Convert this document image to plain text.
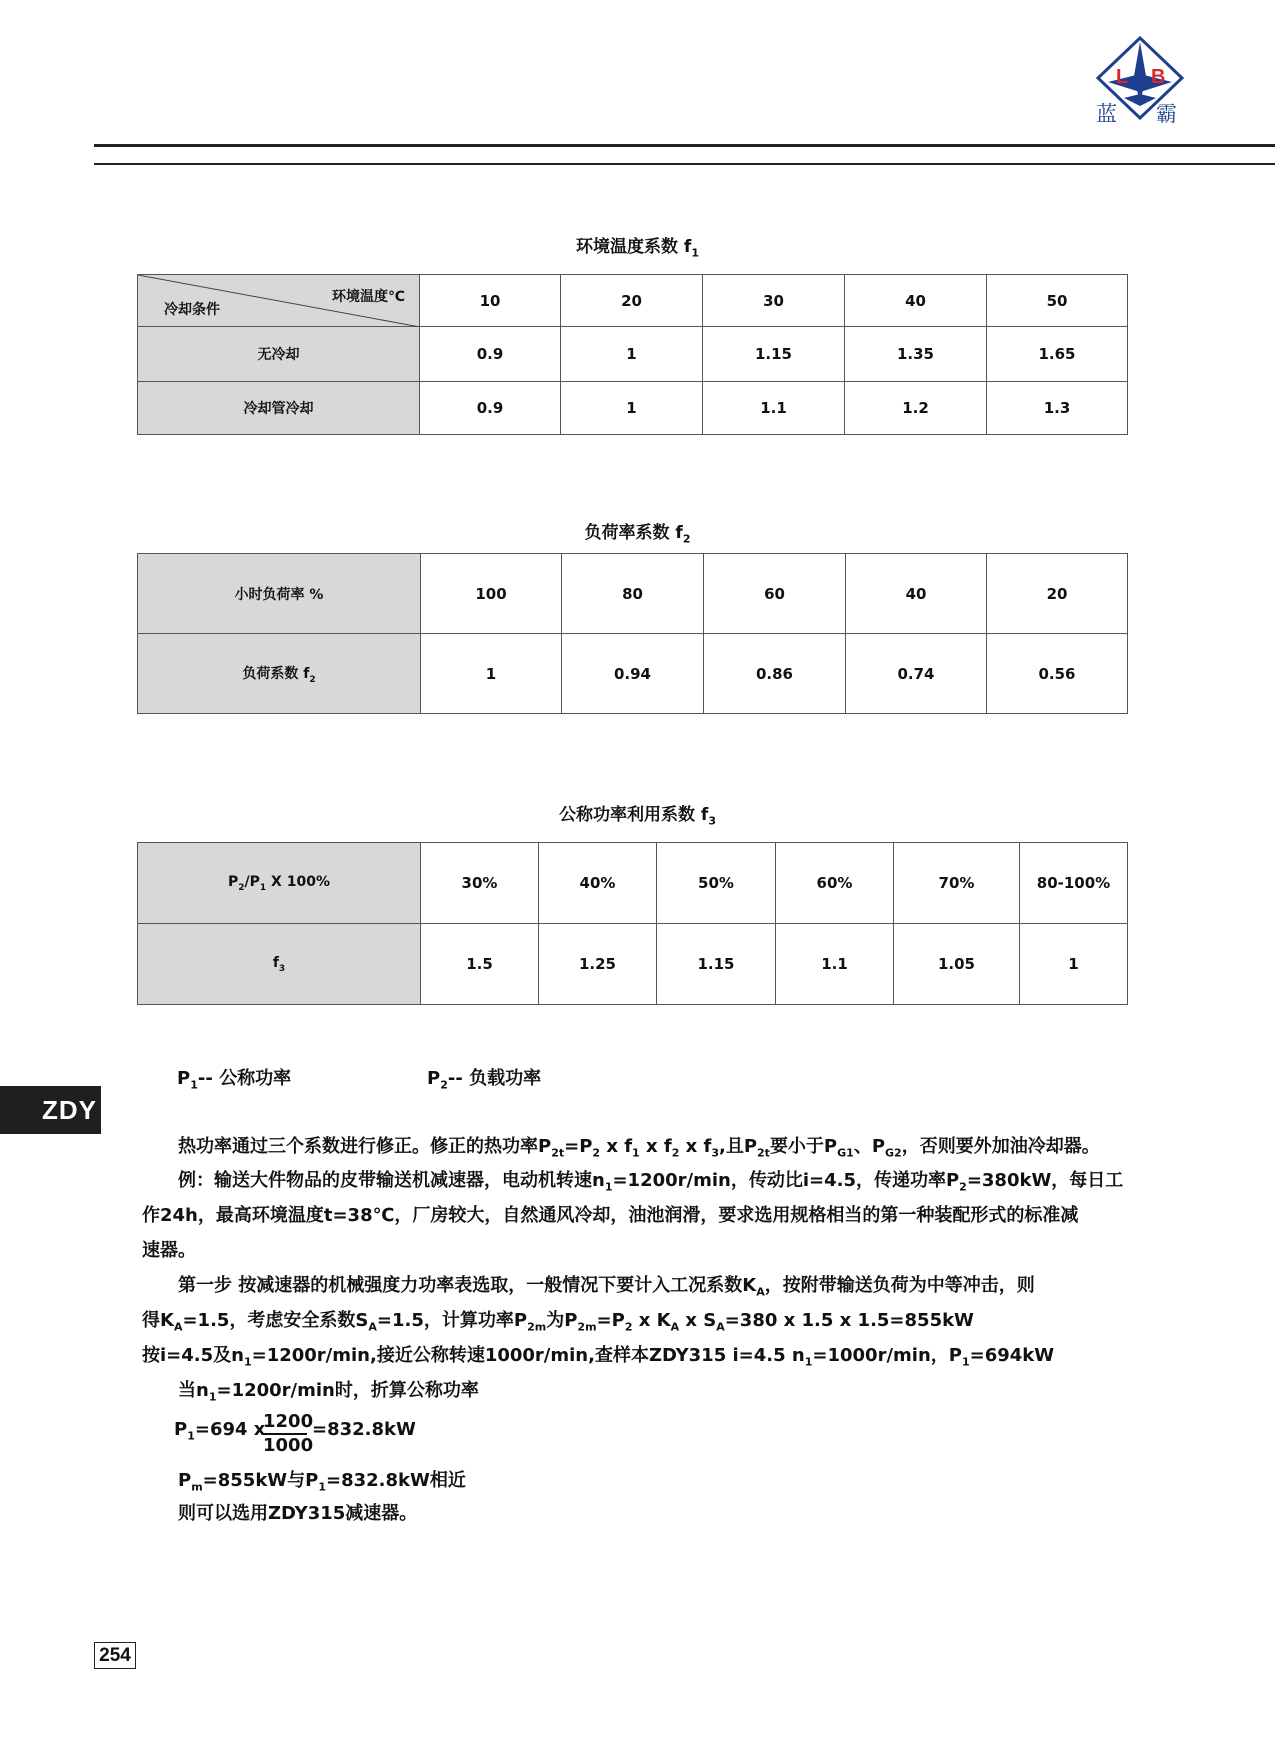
L B
蓝 霸
环境温度系数 $f_1$
环境温度℃
冷却条件	10	20	30	40	50
无冷却	0.9	1	1.15	1.35	1.65
冷却管冷却	0.9	1	1.1	1.2	1.3
负荷率系数 $f_2$
小时负荷率 %	100	80	60	40	20
负荷系数 $f_2$	1	0.94	0.86	0.74	0.56
公称功率利用系数 $f_3$
$P_2/P_1$ X 100%	30%	40%	50%	60%	70%	80-100%
$f_3$	1.5	1.25	1.15	1.1	1.05	1
ZDY
$P_1--$ 公称功率	$P_2--$ 负载功率
热功率通过三个系数进行修正。修正的热功率$P_{2t}=P_2$ x $f_1$ x $f_2$ x $f_3$,且$P_{2t}$要小于$P_{G1}$、$P_{G2}$，否则要外加油冷却器。
例：输送大件物品的皮带输送机减速器，电动机转速$n_1=1200r/\min$，传动比i=4.5，传递功率$P_2=380kW$，每日工
作24h，最高环境温度t=38℃，厂房较大，自然通风冷却，油池润滑，要求选用规格相当的第一种装配形式的标准减
速器。
第一步 按减速器的机械强度力功率表选取，一般情况下要计入工况系数$K_A$，按附带输送负荷为中等冲击，则
得$K_A=1.5$，考虑安全系数$S_A=1.5$，计算功率$P_{2m}$为$P_{2m}=P_2$ x $K_A$ x $S_A=380$ x 1.5 x 1.5=855kW
按i=4.5及$n_1=1200r/\min$,接近公称转速1000r/min,查样本ZDY315 i=4.5 $n_1=1000r/\min$，$P_1=694kW$
当$n_1=1200r/\min$时，折算公称功率
$P_1=694$ x
$\frac{1200}{1000} =832.8kW$
$P_m=855kW$与$P_1=832.8kW$相近
则可以选用ZDY315减速器。
254
